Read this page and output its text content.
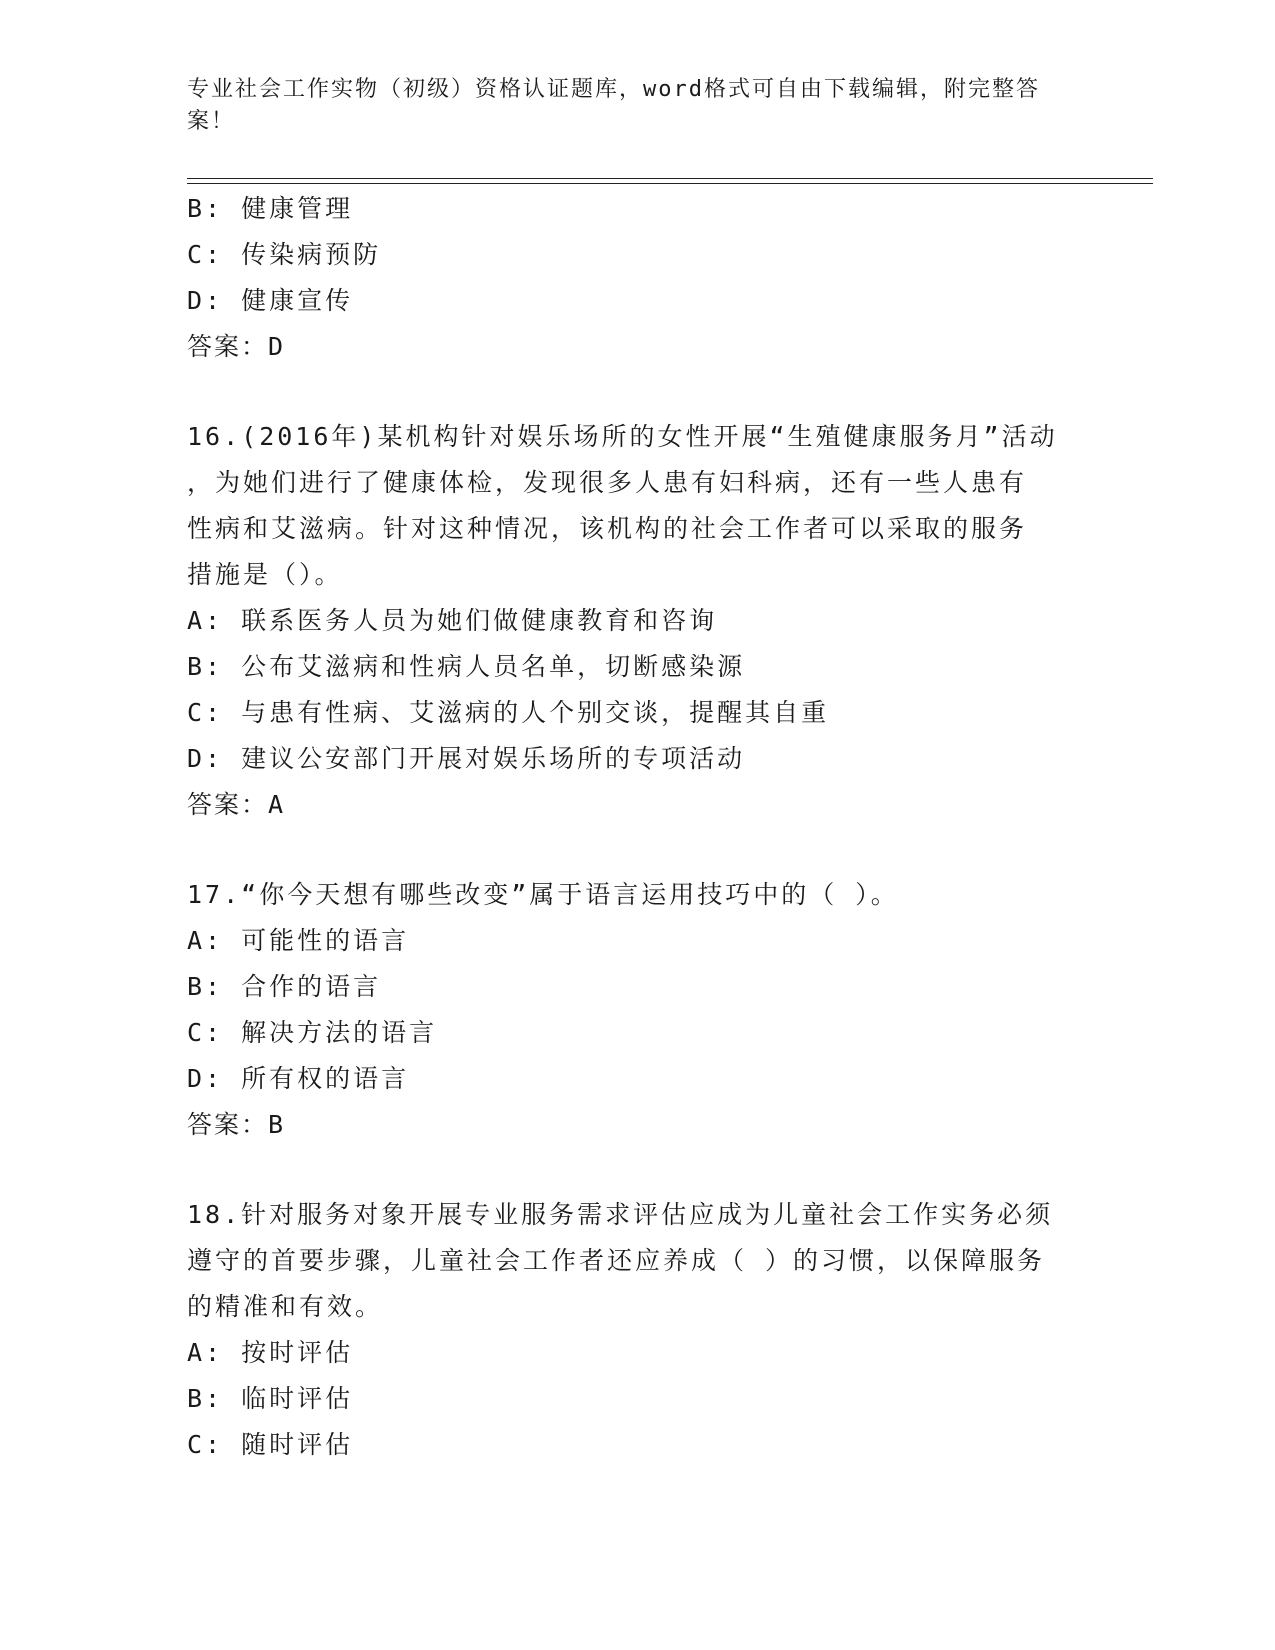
专业社会工作实物（初级）资格认证题库，word格式可自由下载编辑，附完整答
案！
B: 健康管理
C: 传染病预防
D: 健康宣传
答案：D
16.(2016年)某机构针对娱乐场所的女性开展“生殖健康服务月”活动
，为她们进行了健康体检，发现很多人患有妇科病，还有一些人患有
性病和艾滋病。针对这种情况，该机构的社会工作者可以采取的服务
措施是（）。
A: 联系医务人员为她们做健康教育和咨询
B: 公布艾滋病和性病人员名单，切断感染源
C: 与患有性病、艾滋病的人个别交谈，提醒其自重
D: 建议公安部门开展对娱乐场所的专项活动
答案：A
17.“你今天想有哪些改变”属于语言运用技巧中的（ ）。
A: 可能性的语言
B: 合作的语言
C: 解决方法的语言
D: 所有权的语言
答案：B
18.针对服务对象开展专业服务需求评估应成为儿童社会工作实务必须
遵守的首要步骤，儿童社会工作者还应养成（ ）的习惯，以保障服务
的精准和有效。
A: 按时评估
B: 临时评估
C: 随时评估
